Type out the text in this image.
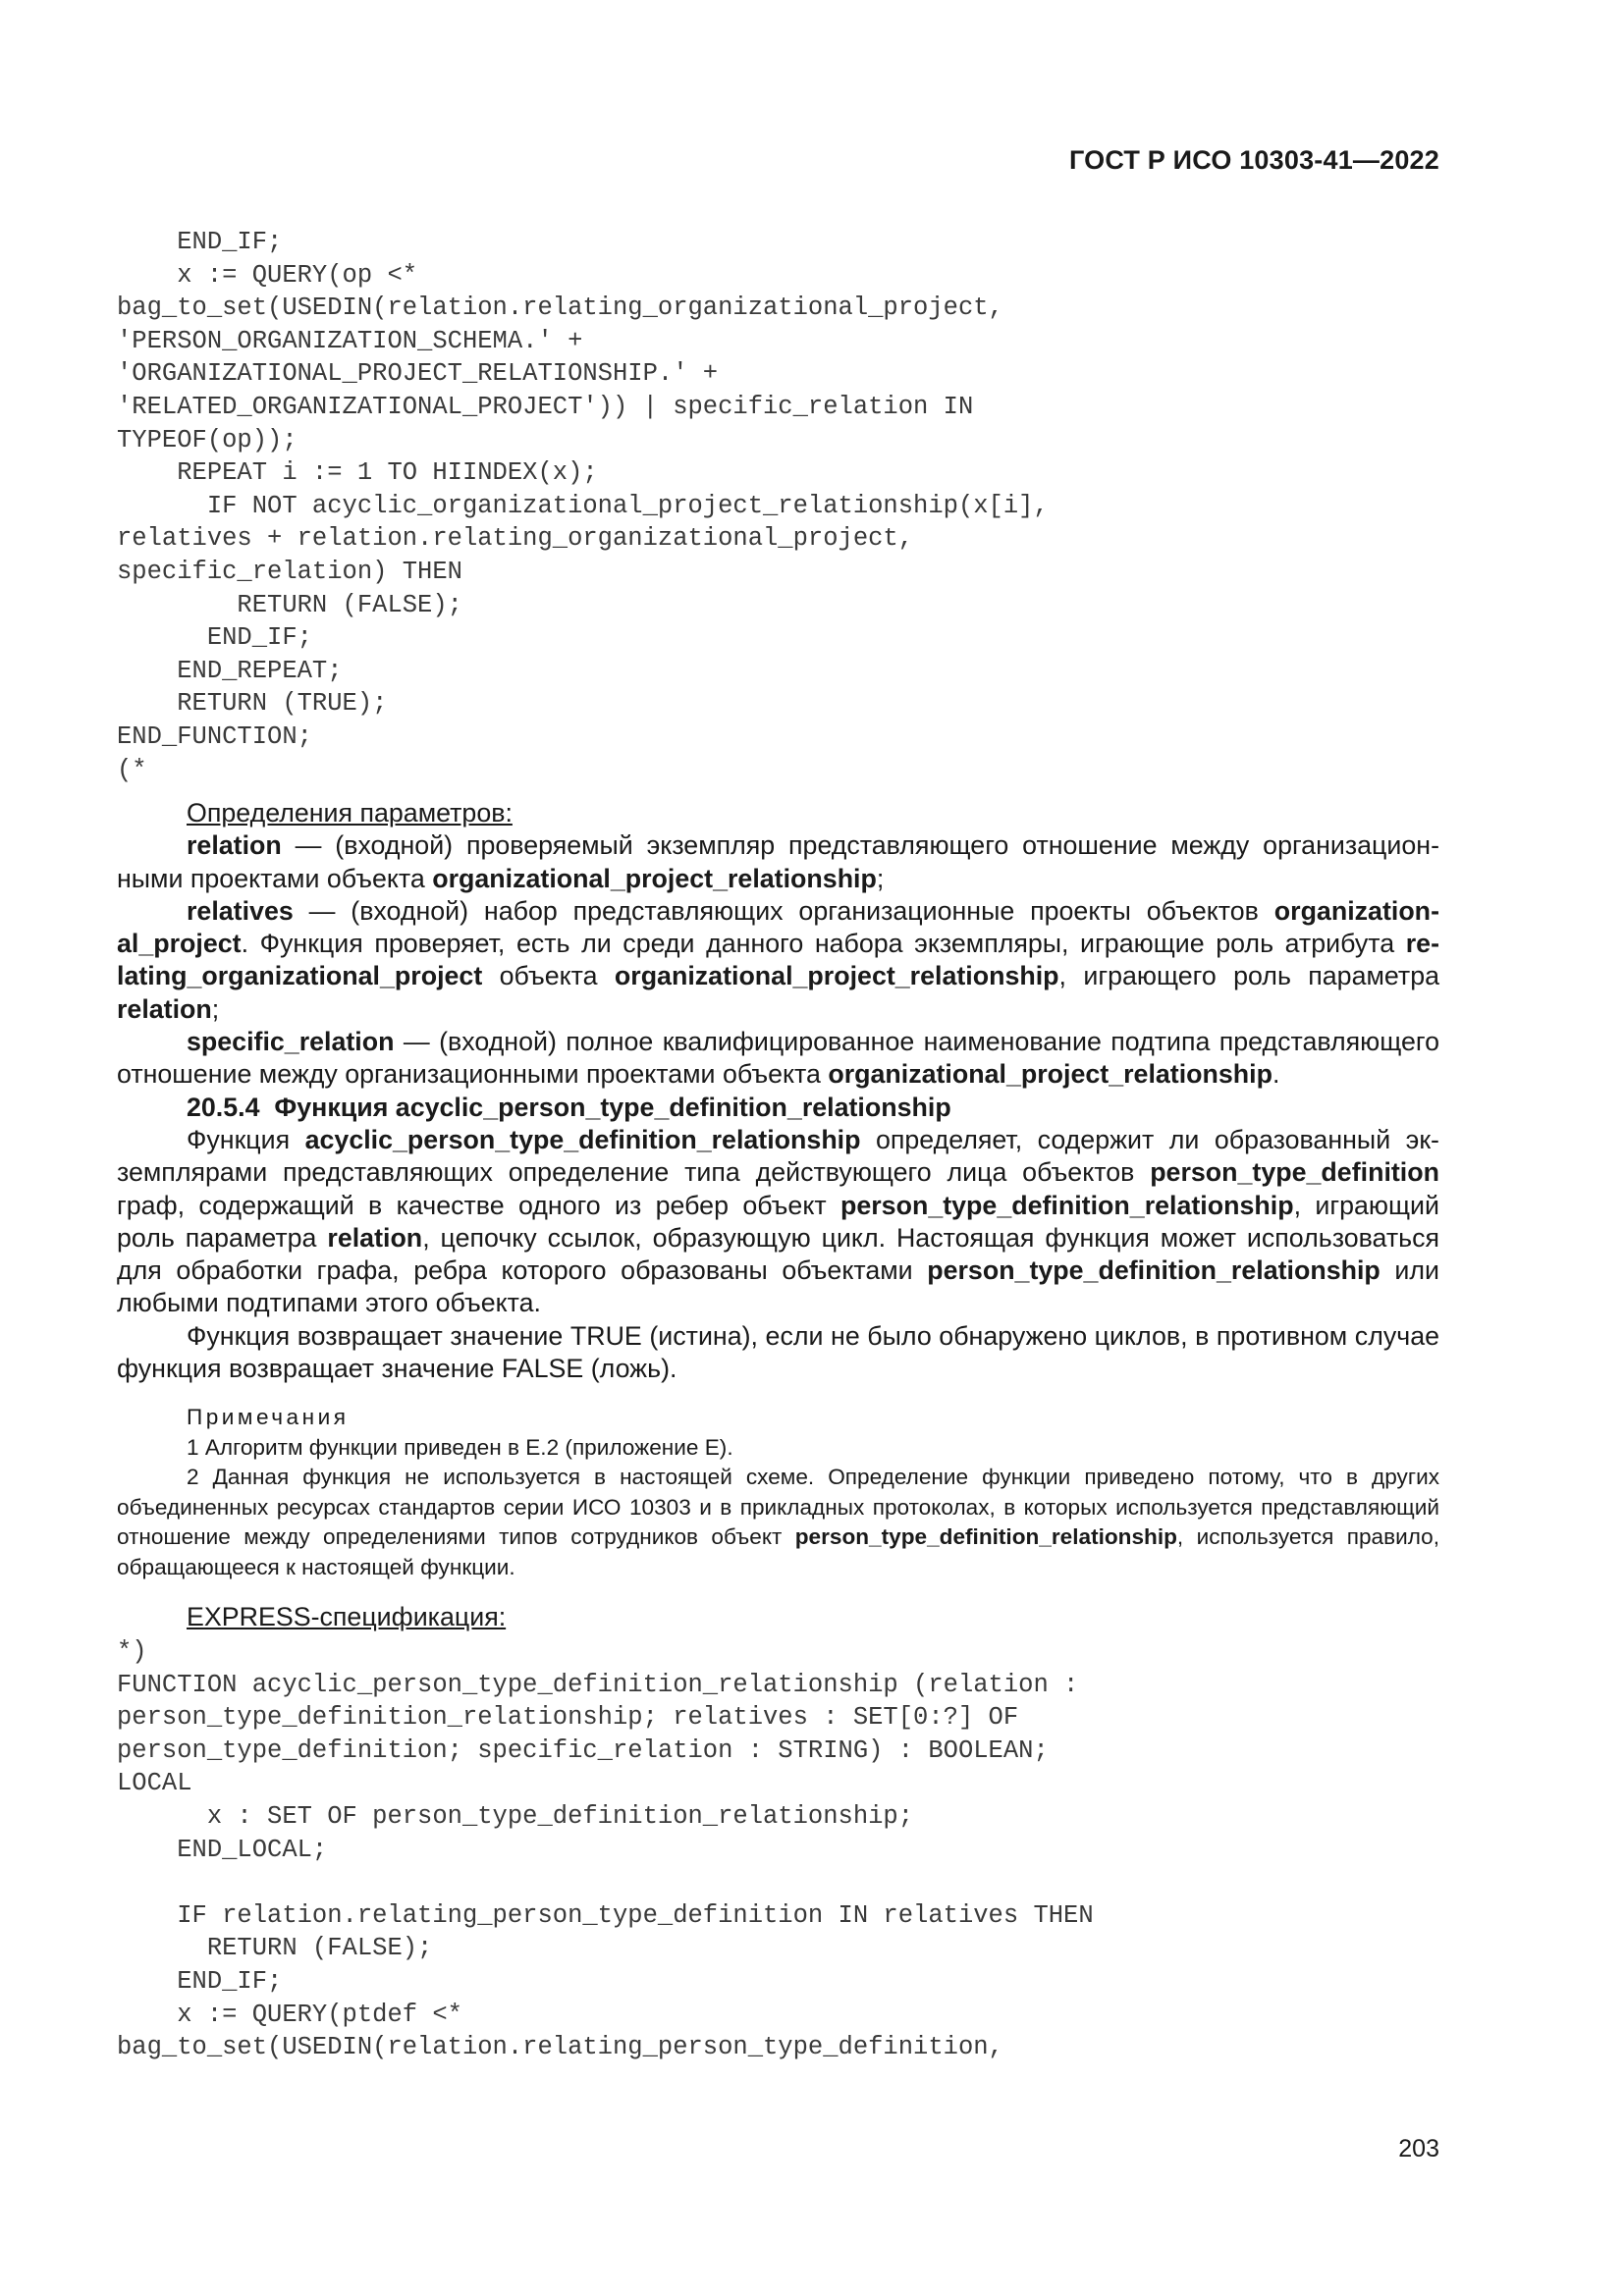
ГОСТ Р ИСО 10303-41—2022
END_IF;
x := QUERY(op <*
bag_to_set(USEDIN(relation.relating_organizational_project,
'PERSON_ORGANIZATION_SCHEMA.' +
'ORGANIZATIONAL_PROJECT_RELATIONSHIP.' +
'RELATED_ORGANIZATIONAL_PROJECT')) | specific_relation IN
TYPEOF(op));
REPEAT i := 1 TO HIINDEX(x);
IF NOT acyclic_organizational_project_relationship(x[i],
relatives + relation.relating_organizational_project,
specific_relation) THEN
RETURN (FALSE);
END_IF;
END_REPEAT;
RETURN (TRUE);
END_FUNCTION;
(*

Определения параметров:

relation — (входной) проверяемый экземпляр представляющего отношение между организационными проектами объекта organizational_project_relationship;

relatives — (входной) набор представляющих организационные проекты объектов organizational_project. Функция проверяет, есть ли среди данного набора экземпляры, играющие роль атрибута relating_organizational_project объекта organizational_project_relationship, играющего роль параметра relation;

specific_relation — (входной) полное квалифицированное наименование подтипа представляющего отношение между организационными проектами объекта organizational_project_relationship.

20.5.4 Функция acyclic_person_type_definition_relationship

Функция acyclic_person_type_definition_relationship определяет, содержит ли образованный экземплярами представляющих определение типа действующего лица объектов person_type_definition граф, содержащий в качестве одного из ребер объект person_type_definition_relationship, играющий роль параметра relation, цепочку ссылок, образующую цикл. Настоящая функция может использоваться для обработки графа, ребра которого образованы объектами person_type_definition_relationship или любыми подтипами этого объекта.

Функция возвращает значение TRUE (истина), если не было обнаружено циклов, в противном случае функция возвращает значение FALSE (ложь).

Примечания

1 Алгоритм функции приведен в Е.2 (приложение Е).

2 Данная функция не используется в настоящей схеме. Определение функции приведено потому, что в других объединенных ресурсах стандартов серии ИСО 10303 и в прикладных протоколах, в которых используется представляющий отношение между определениями типов сотрудников объект person_type_definition_relationship, используется правило, обращающееся к настоящей функции.

EXPRESS-спецификация:

*)
FUNCTION acyclic_person_type_definition_relationship (relation :
person_type_definition_relationship; relatives : SET[0:?] OF
person_type_definition; specific_relation : STRING) : BOOLEAN;
LOCAL
x : SET OF person_type_definition_relationship;
END_LOCAL;

IF relation.relating_person_type_definition IN relatives THEN
RETURN (FALSE);
END_IF;
x := QUERY(ptdef <*
bag_to_set(USEDIN(relation.relating_person_type_definition,
203
